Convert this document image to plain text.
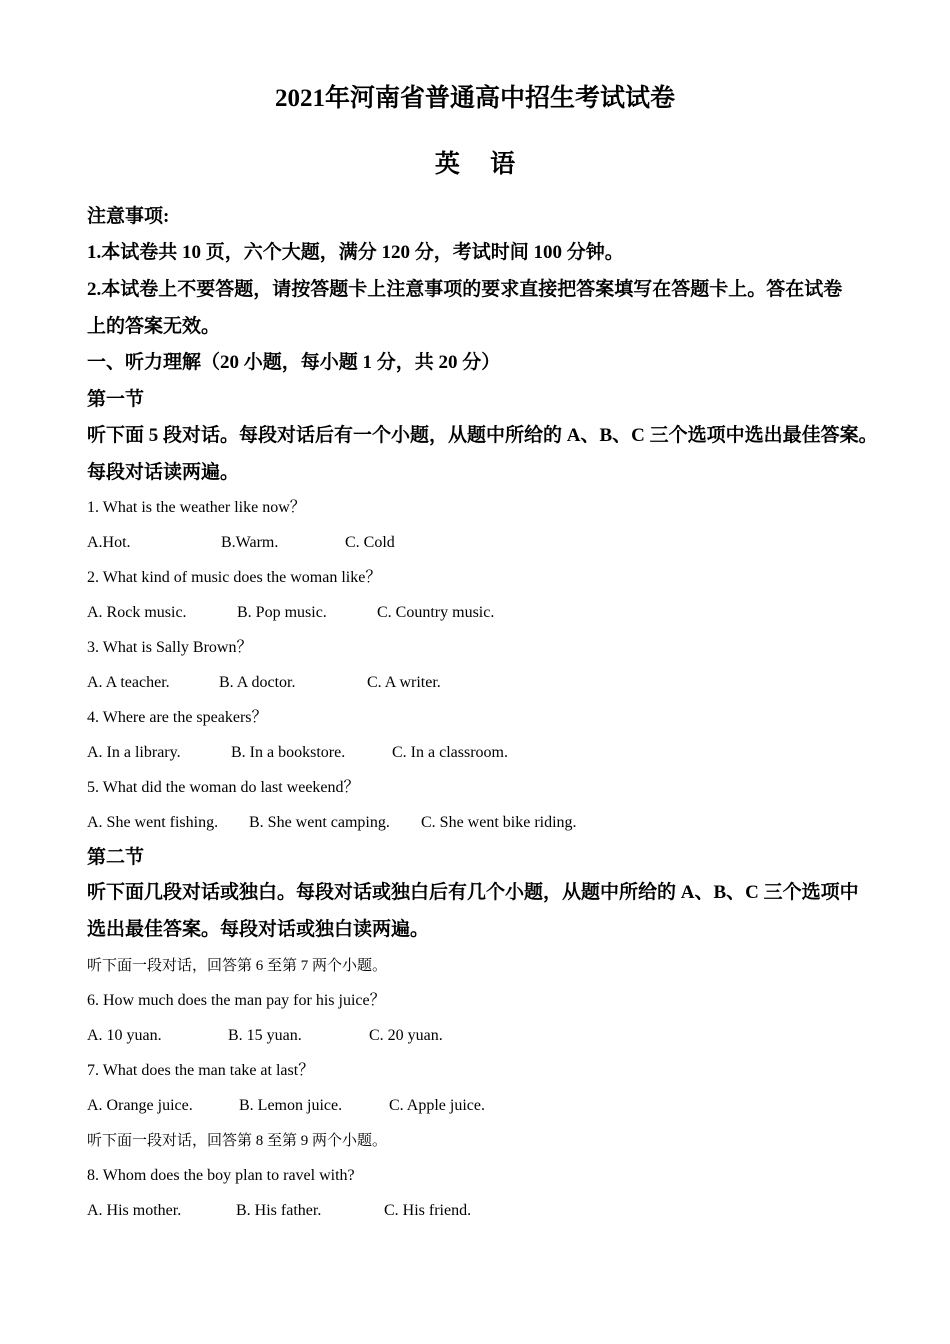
2021年河南省普通高中招生考试试卷
英 语
注意事项:
1.本试卷共 10 页，六个大题，满分 120 分，考试时间 100 分钟。
2.本试卷上不要答题，请按答题卡上注意事项的要求直接把答案填写在答题卡上。答在试卷
上的答案无效。
一、听力理解（20 小题，每小题 1 分，共 20 分）
第一节
听下面 5 段对话。每段对话后有一个小题，从题中所给的 A、B、C 三个选项中选出最佳答案。
每段对话读两遍。
1. What is the weather like now？
A.Hot.	B.Warm.	C. Cold
2. What kind of music does the woman like？
A. Rock music.	B. Pop music.	C. Country music.
3. What is Sally Brown？
A. A teacher.	B. A doctor.	C. A writer.
4. Where are the speakers？
A. In a library.	B. In a bookstore.	C. In a classroom.
5. What did the woman do last weekend？
A. She went fishing. B. She went camping. C. She went bike riding.
第二节
听下面几段对话或独白。每段对话或独白后有几个小题，从题中所给的 A、B、C 三个选项中
选出最佳答案。每段对话或独白读两遍。
听下面一段对话，回答第 6 至第 7 两个小题。
6. How much does the man pay for his juice？
A. 10 yuan.	B. 15 yuan.	C. 20 yuan.
7. What does the man take at last？
A. Orange juice.	B. Lemon juice.	C. Apple juice.
听下面一段对话，回答第 8 至第 9 两个小题。
8. Whom does the boy plan to ravel with?
A. His mother.	B. His father.	C. His friend.
